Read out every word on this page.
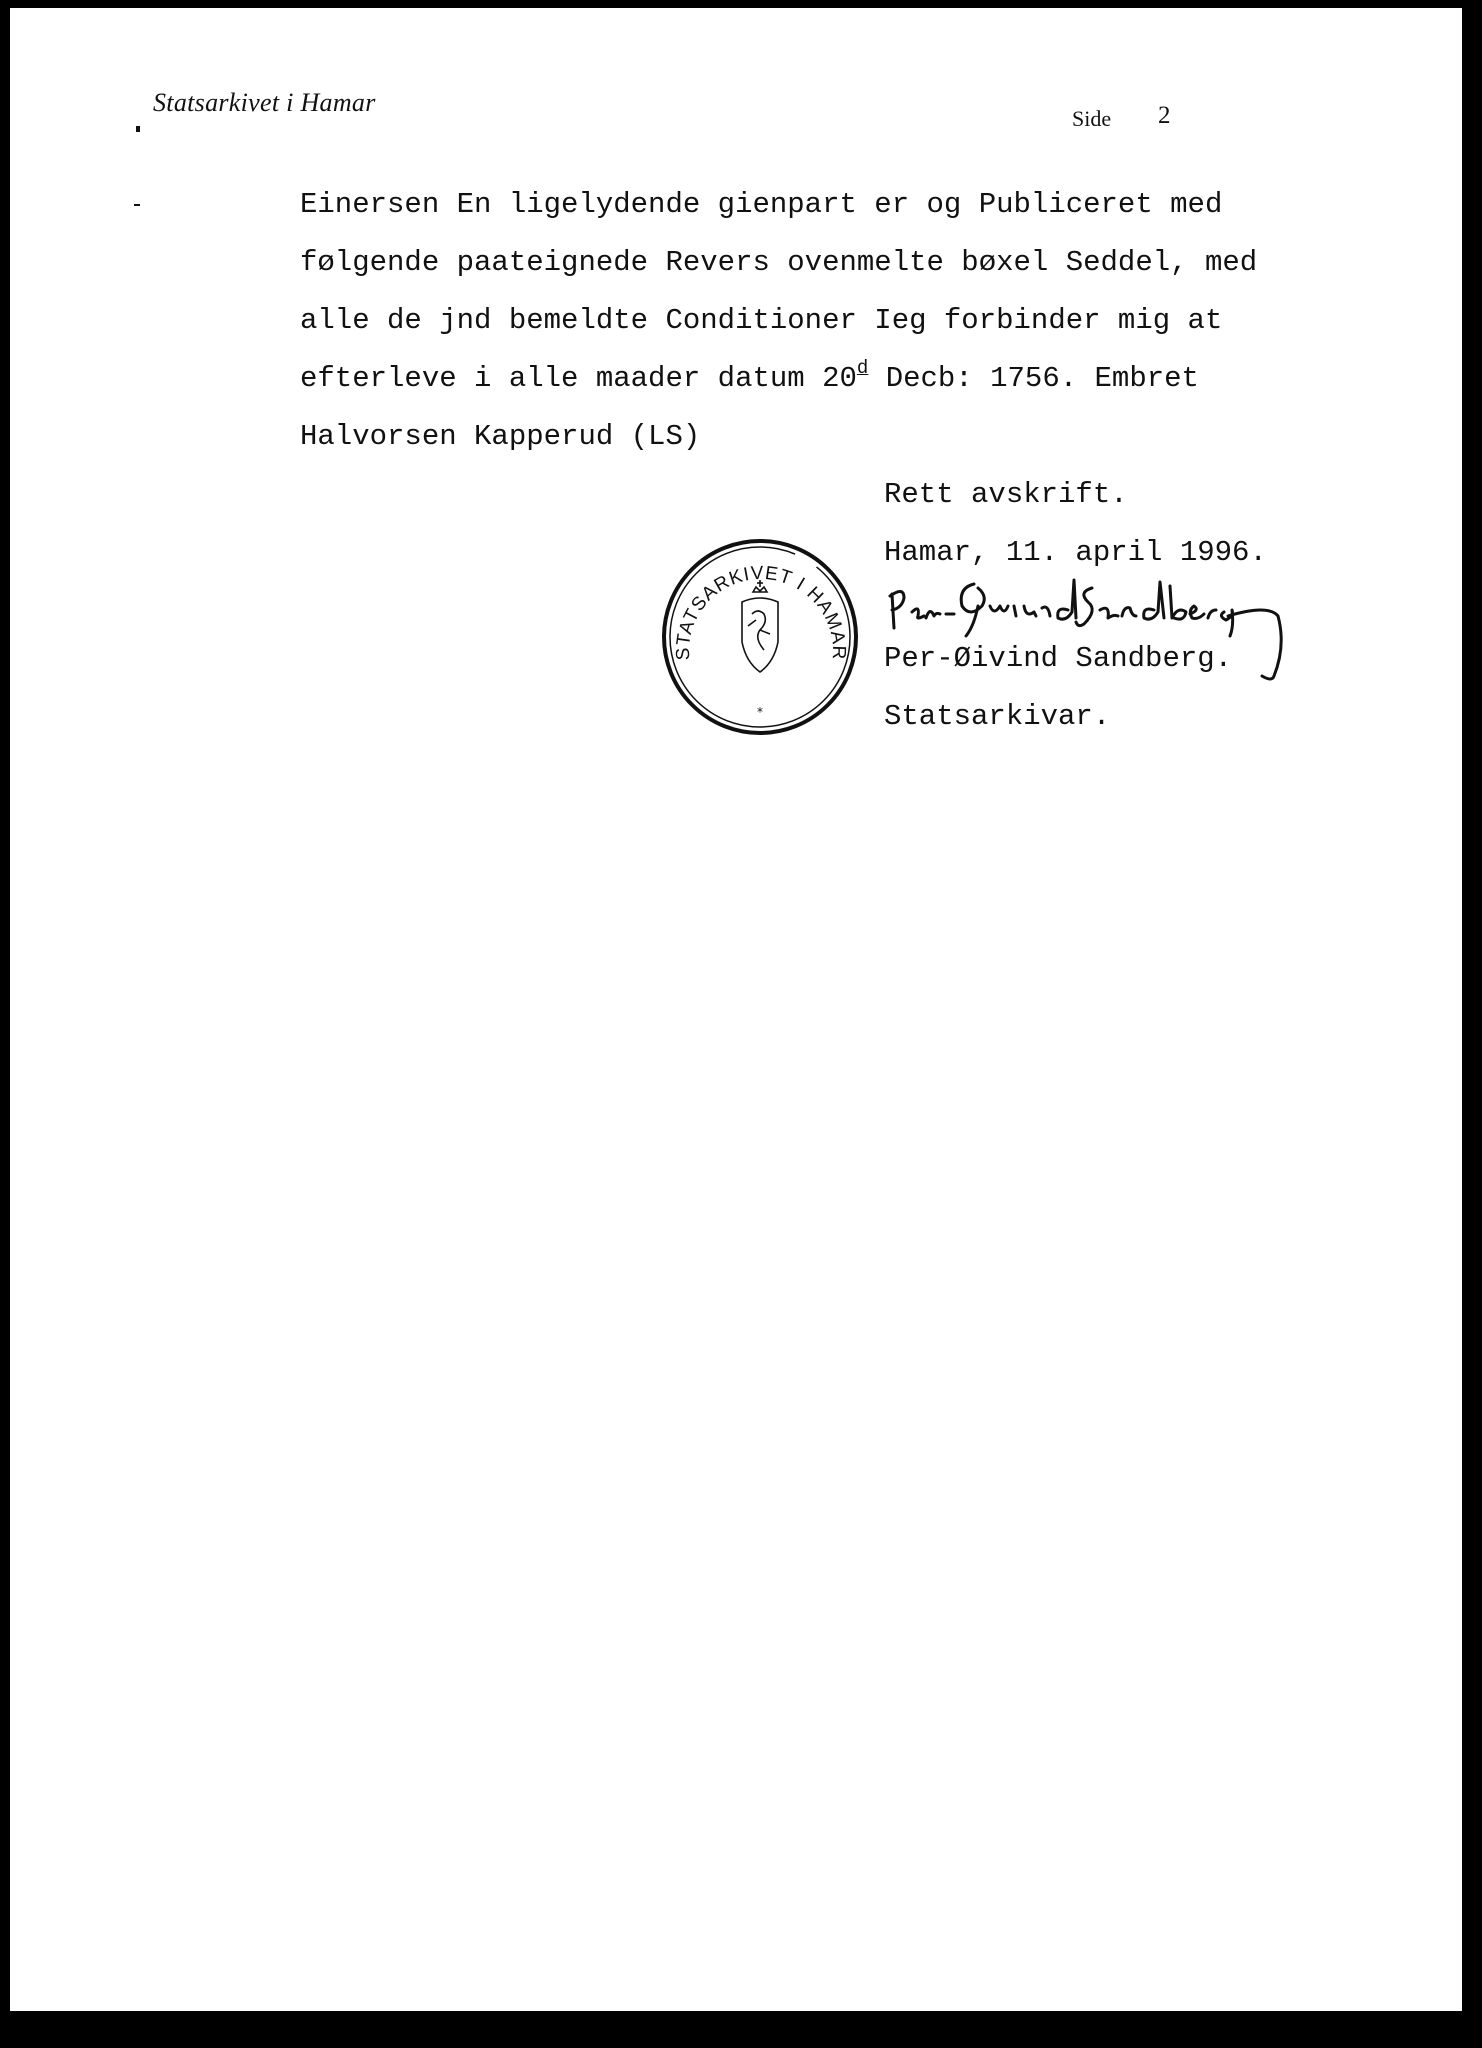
Statsarkivet i Hamar
Side 2
Einersen En ligelydende gienpart er og Publiceret med
følgende paateignede Revers ovenmelte bøxel Seddel, med
alle de jnd bemeldte Conditioner Ieg forbinder mig at
efterleve i alle maader datum 20$^d$ Decb: 1756. Embret
Halvorsen Kapperud (LS)
Rett avskrift.
Hamar, 11. april 1996.
Per-Øivind Sandberg.
Statsarkivar.
STATSARKIVET I HAMAR
*
